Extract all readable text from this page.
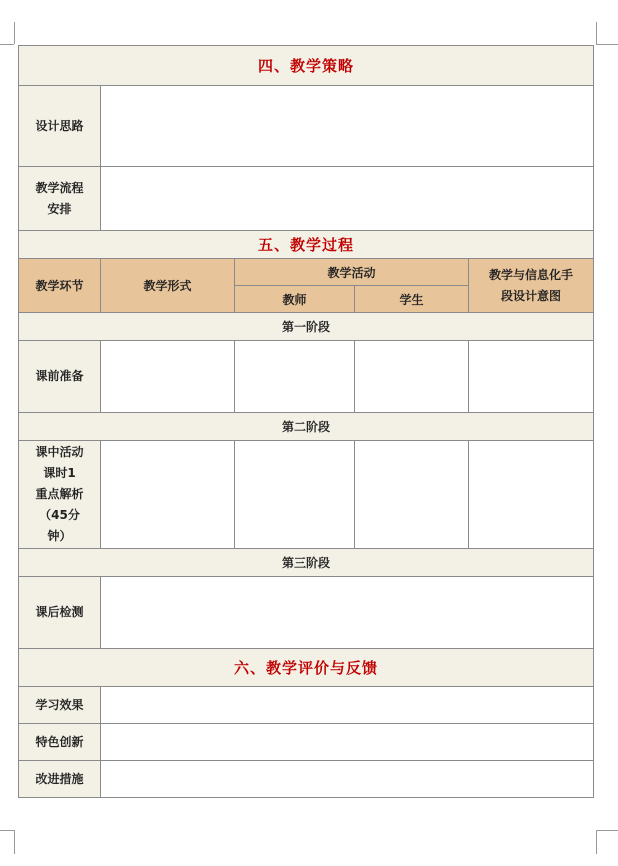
四、教学策略				
设计思路				

教学流程
安排				

五、教学过程				
教学环节	教学形式	教学活动		教学与信息化手
段设计意图

		教师	学生	
第一阶段				
课前准备				
第二阶段				

课中活动
课时1
重点解析
（45分
钟）				

第三阶段				
课后检测				
六、教学评价与反馈				
学习效果				
特色创新				
改进措施				
